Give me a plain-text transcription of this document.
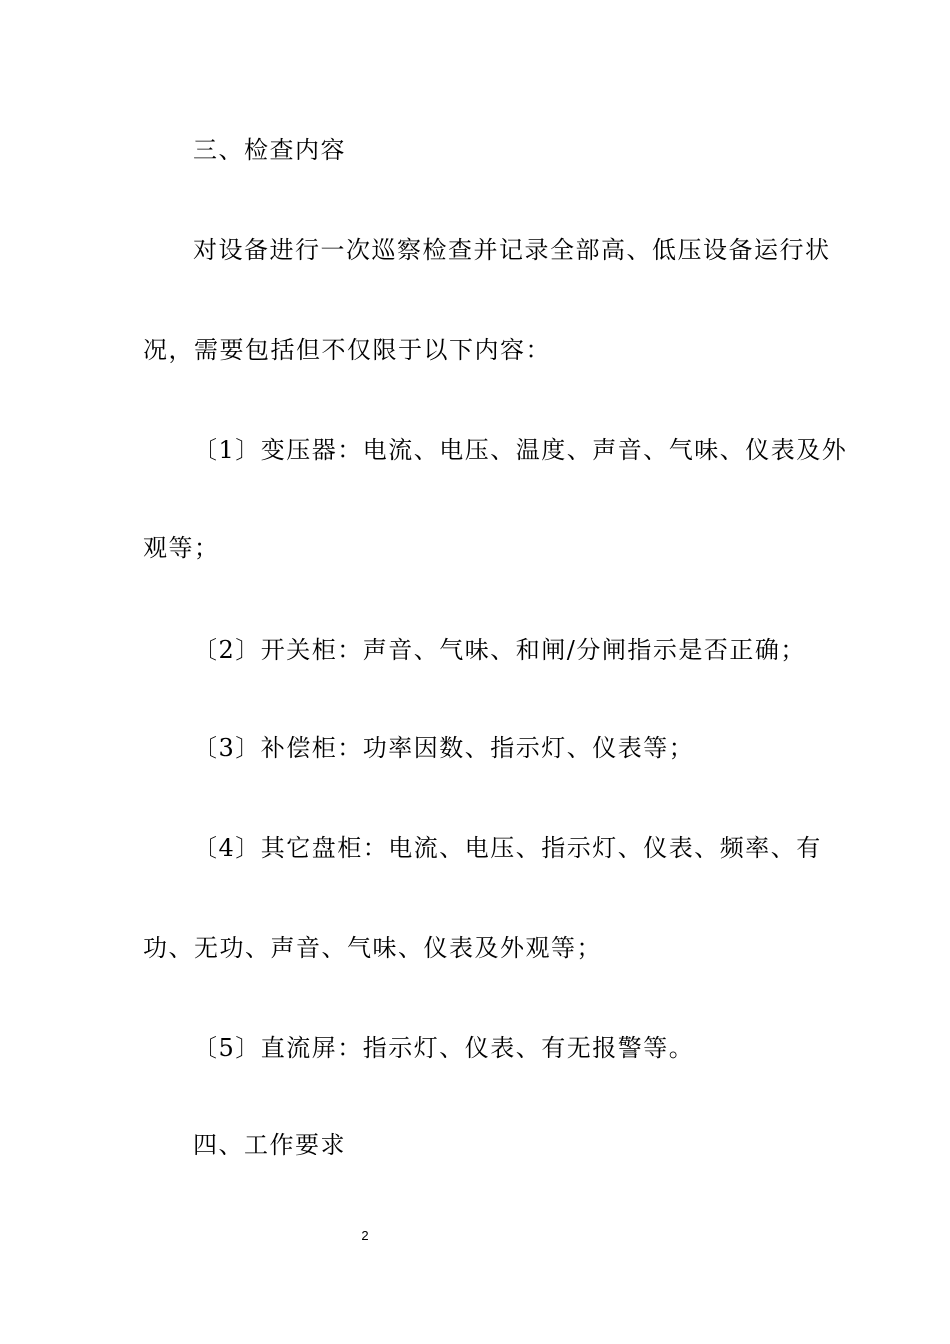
三、检查内容
对设备进行一次巡察检查并记录全部高、低压设备运行状
况，需要包括但不仅限于以下内容：
〔1〕变压器：电流、电压、温度、声音、气味、仪表及外
观等；
〔2〕开关柜：声音、气味、和闸/分闸指示是否正确；
〔3〕补偿柜：功率因数、指示灯、仪表等；
〔4〕其它盘柜：电流、电压、指示灯、仪表、频率、有
功、无功、声音、气味、仪表及外观等；
〔5〕直流屏：指示灯、仪表、有无报警等。
四、工作要求
2
